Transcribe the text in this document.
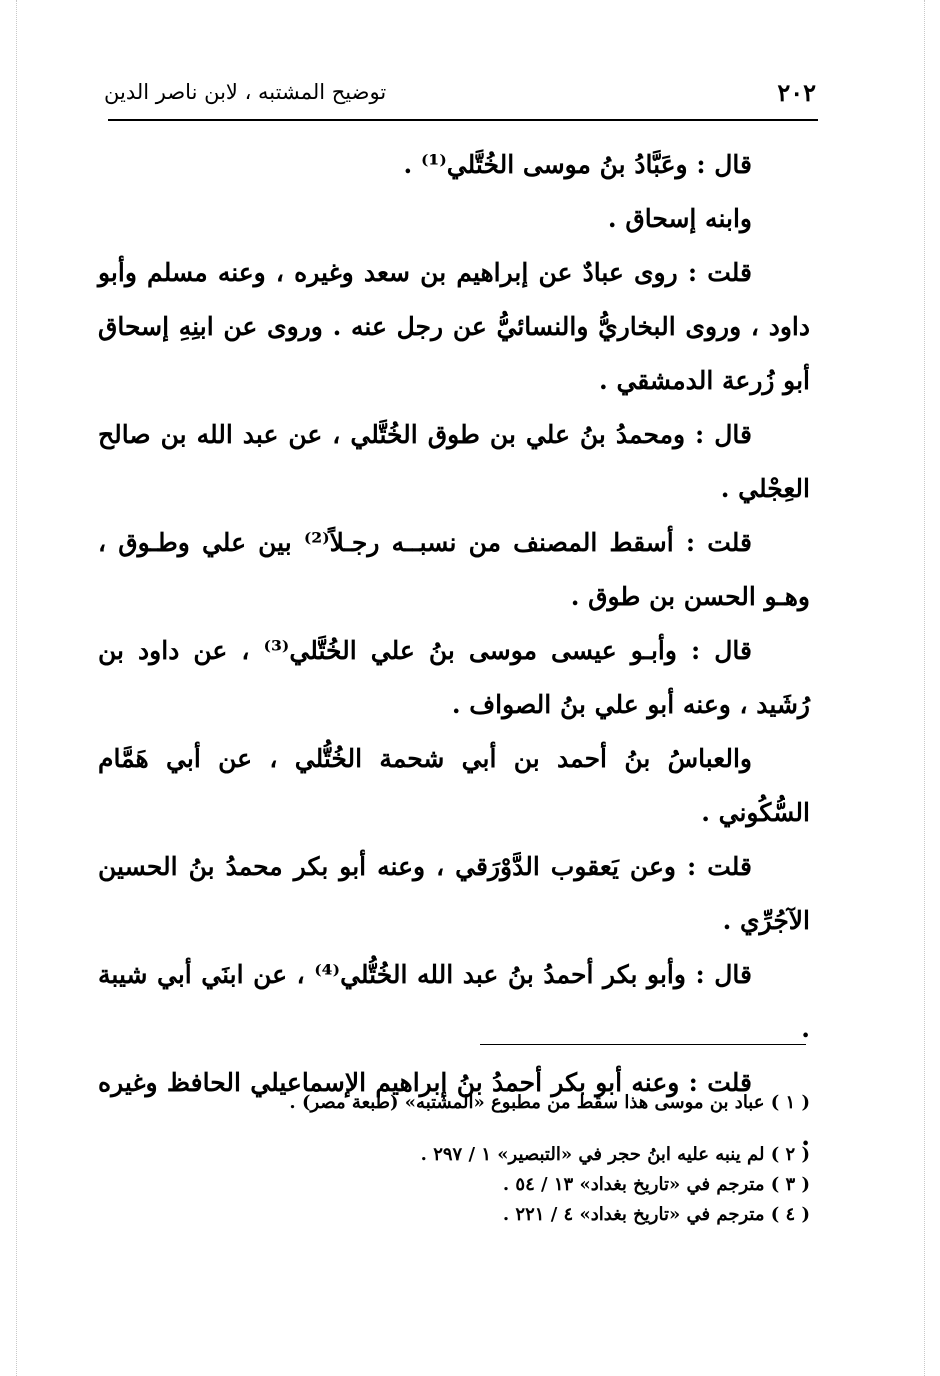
٢٠٢
توضيح المشتبه ، لابن ناصر الدين

قال : وعَبَّادُ بنُ موسى الخُتَّلي⁽¹⁾ .

وابنه إسحاق .

قلت : روى عبادٌ عن إبراهيم بن سعد وغيره ، وعنه مسلم وأبو داود ، وروى البخاريُّ والنسائيُّ عن رجل عنه . وروى عن ابنِهِ إسحاق أبو زُرعة الدمشقي .

قال : ومحمدُ بنُ علي بن طوق الخُتَّلي ، عن عبد الله بن صالح العِجْلي .

قلت : أسقط المصنف من نسبــه رجـلاً⁽²⁾ بين علي وطـوق ، وهـو الحسن بن طوق .

قال : وأبـو عيسى موسى بنُ علي الخُتَّلي⁽³⁾ ، عن داود بن رُشَيد ، وعنه أبو علي بنُ الصواف .

والعباسُ بنُ أحمد بن أبي شحمة الخُتُّلي ، عن أبي هَمَّام السُّكُوني .

قلت : وعن يَعقوب الدَّوْرَقي ، وعنه أبو بكر محمدُ بنُ الحسين الآجُرِّي .

قال : وأبو بكر أحمدُ بنُ عبد الله الخُتُّلي⁽⁴⁾ ، عن ابنَي أبي شيبة .

قلت : وعنه أبو بكر أحمدُ بنُ إبراهيم الإسماعيلي الحافظ وغيره .

( ١ ) عباد بن موسى هذا سقط من مطبوع «المشتبه» (طبعة مصر) .

( ٢ ) لم ينبه عليه ابنُ حجر في «التبصير» ١ / ٢٩٧ .

( ٣ ) مترجم في «تاريخ بغداد» ١٣ / ٥٤ .

( ٤ ) مترجم في «تاريخ بغداد» ٤ / ٢٢١ .
